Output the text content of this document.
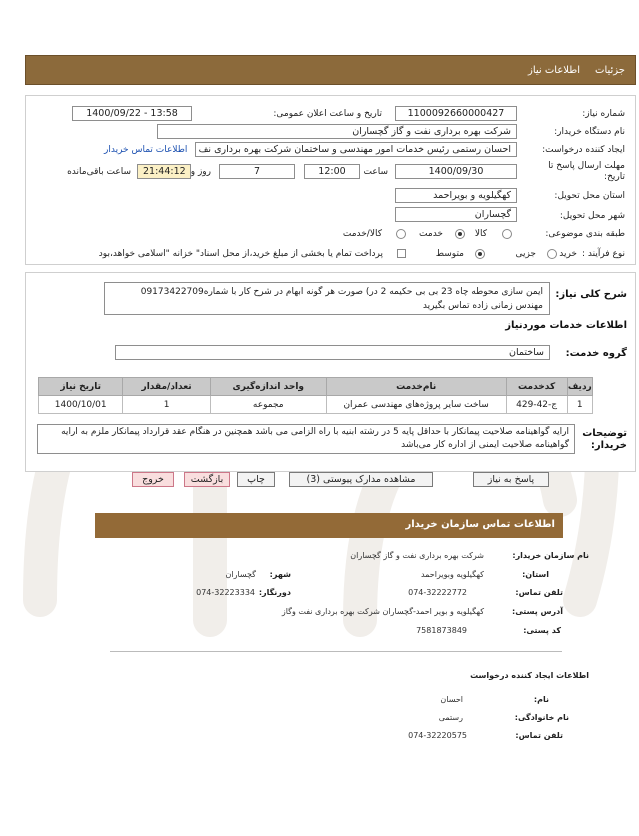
جزئیات
اطلاعات نیاز
شماره نیاز:
1100092660000427
تاریخ و ساعت اعلان عمومی:
1400/09/22 - 13:58
نام دستگاه خریدار:
شرکت بهره برداری نفت و گاز گچساران
ایجاد کننده درخواست:
احسان رستمی رئیس خدمات امور مهندسی و ساختمان شرکت بهره برداری نف
اطلاعات تماس خریدار
مهلت ارسال پاسخ تا تاریخ:
1400/09/30
ساعت
12:00
7
روز و
21:44:12
ساعت باقی‌مانده
استان محل تحویل:
کهگیلویه و بویراحمد
شهر محل تحویل:
گچساران
طبقه بندی موضوعی:
کالا
خدمت
کالا/خدمت
نوع فرآیند :
خرید
جزیی
متوسط
پرداخت تمام یا بخشی از مبلغ خرید،از محل اسناد" خزانه "اسلامی خواهد،بود
شرح کلی نیاز:
ایمن سازی محوطه چاه 23 بی بی حکیمه 2 در) صورت هر گونه ابهام در شرح کار با شماره09173422709 مهندس زمانی زاده تماس بگیرید
اطلاعات خدمات موردنیاز
گروه خدمت:
ساختمان
ردیف	کدخدمت	نام‌خدمت	واحد اندازه‌گیری	تعداد/مقدار	تاریخ نیاز
1	ج-42-429	ساخت سایر پروژه‌های مهندسی عمران	مجموعه	1	1400/10/01
توضیحات خریدار:
ارایه گواهینامه صلاحیت پیمانکار با حداقل پایه 5 در رشته ابنیه با راه الزامی می باشد همچنین در هنگام عقد قرارداد پیمانکار ملزم به ارایه گواهینامه صلاحیت ایمنی از اداره کار می‌باشد
پاسخ به نیاز
مشاهده مدارک پیوستی (3)
چاپ
بازگشت
خروج
اطلاعات تماس سازمان خریدار
نام سازمان خریدار:
شرکت بهره برداری نفت و گاز گچساران
استان:
کهگیلویه وبویراحمد
شهر:
گچساران
تلفن تماس:
074-32222772
دورنگار:
074-32223334
آدرس پستی:
کهگیلویه و بویر احمد-گچساران شرکت بهره برداری نفت وگاز
کد پستی:
7581873849
اطلاعات ایجاد کننده درخواست
نام:
احسان
نام خانوادگی:
رستمی
تلفن تماس:
074-32220575
